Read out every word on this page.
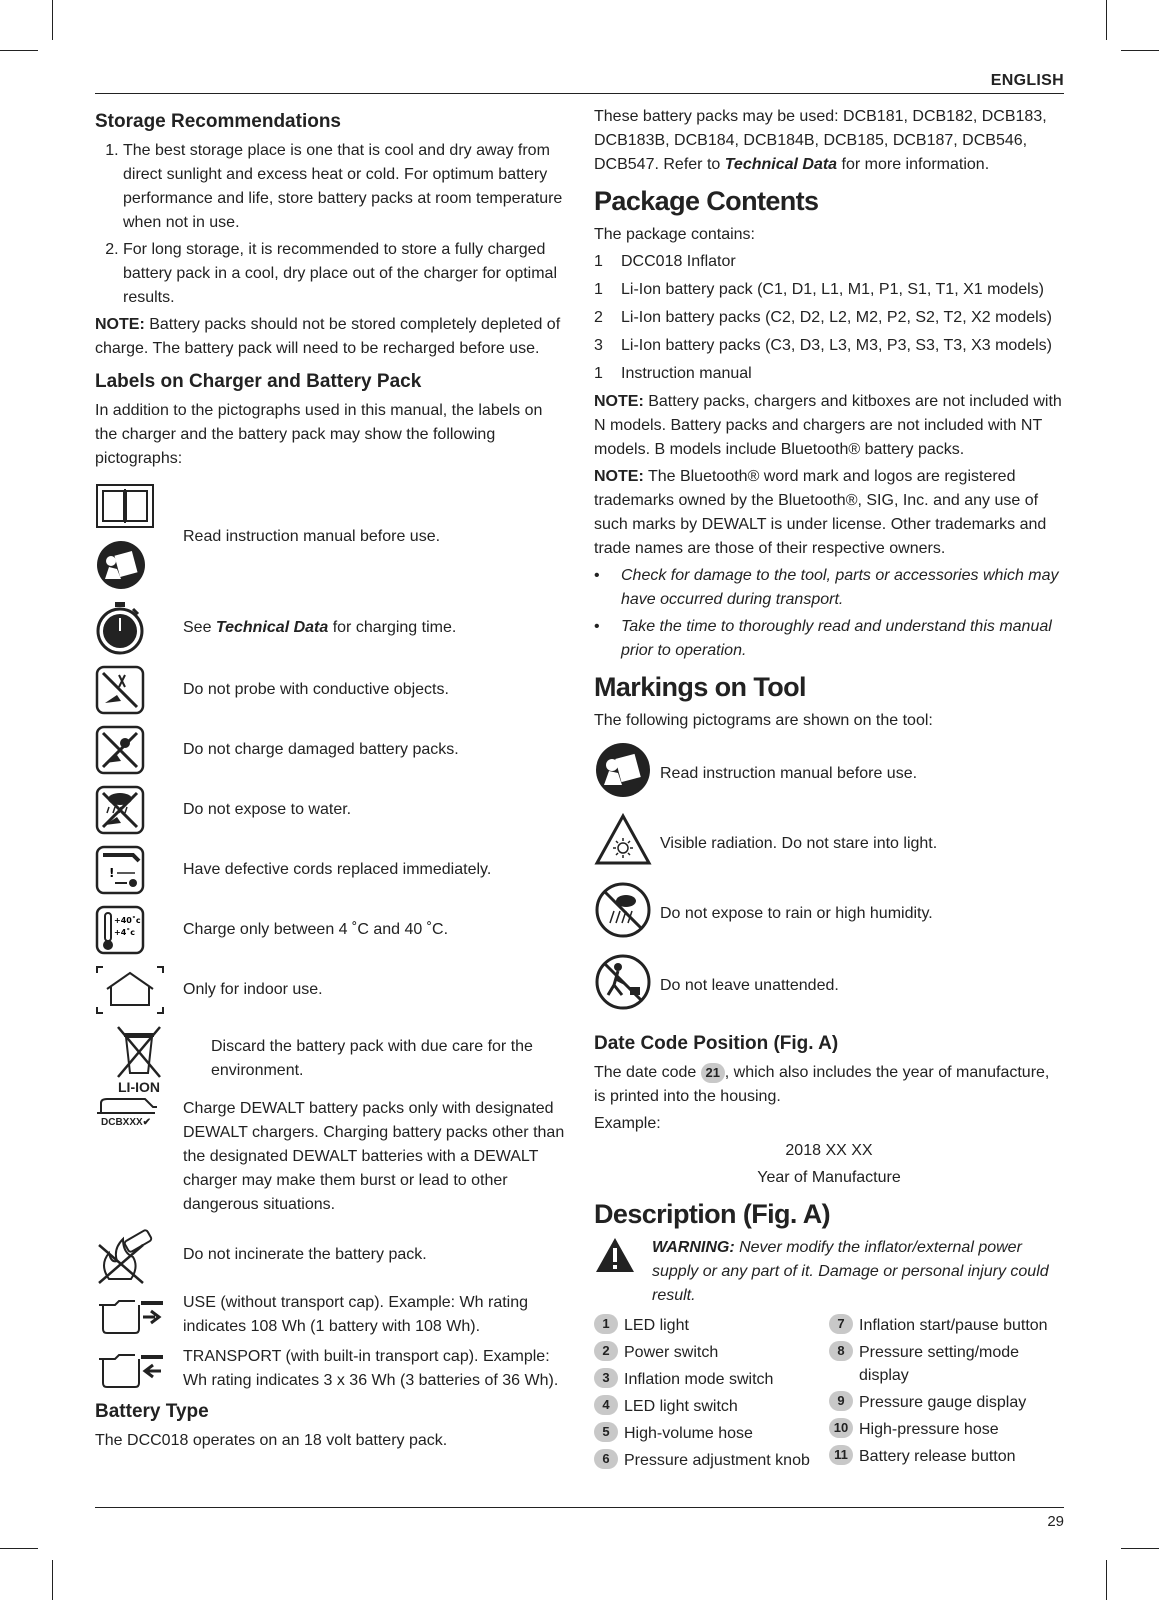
ENGLISH
Storage Recommendations
1. The best storage place is one that is cool and dry away from direct sunlight and excess heat or cold. For optimum battery performance and life, store battery packs at room temperature when not in use.
2. For long storage, it is recommended to store a fully charged battery pack in a cool, dry place out of the charger for optimal results.

NOTE: Battery packs should not be stored completely depleted of charge. The battery pack will need to be recharged before use.

Labels on Charger and Battery Pack

In addition to the pictographs used in this manual, the labels on the charger and the battery pack may show the following pictographs:

Read instruction manual before use.
See Technical Data for charging time.
Do not probe with conductive objects.
Do not charge damaged battery packs.
Do not expose to water.
!	Have defective cords replaced immediately.
+40˚c
+4˚c	Charge only between 4 ˚C and 40 ˚C.
Only for indoor use.
LI-ION
Discard the battery pack with due care for the environment.
DCBXXX✔
Charge DEWALT battery packs only with designated DEWALT chargers. Charging battery packs other than the designated DEWALT batteries with a DEWALT charger may make them burst or lead to other dangerous situations.
Do not incinerate the battery pack.
USE (without transport cap). Example: Wh rating indicates 108 Wh (1 battery with 108 Wh).
TRANSPORT (with built-in transport cap). Example: Wh rating indicates 3 x 36 Wh (3 batteries of 36 Wh).
Battery Type

The DCC018 operates on an 18 volt battery pack.

These battery packs may be used: DCB181, DCB182, DCB183, DCB183B, DCB184, DCB184B, DCB185, DCB187, DCB546, DCB547. Refer to Technical Data for more information.

Package Contents

The package contains:

1	DCC018 Inflator
1	Li-Ion battery pack (C1, D1, L1, M1, P1, S1, T1, X1 models)
2	Li-Ion battery packs (C2, D2, L2, M2, P2, S2, T2, X2 models)
3	Li-Ion battery packs (C3, D3, L3, M3, P3, S3, T3, X3 models)
1	Instruction manual

NOTE: Battery packs, chargers and kitboxes are not included with N models. Battery packs and chargers are not included with NT models. B models include Bluetooth® battery packs.

NOTE: The Bluetooth® word mark and logos are registered trademarks owned by the Bluetooth®, SIG, Inc. and any use of such marks by DEWALT is under license. Other trademarks and trade names are those of their respective owners.

•	Check for damage to the tool, parts or accessories which may have occurred during transport.
•	Take the time to thoroughly read and understand this manual prior to operation.
Markings on Tool

The following pictograms are shown on the tool:

Read instruction manual before use.
Visible radiation. Do not stare into light.
Do not expose to rain or high humidity.
Do not leave unattended.
Date Code Position (Fig. A)

The date code 21 , which also includes the year of manufacture, is printed into the housing.

Example:

2018 XX XX

Year of Manufacture

Description (Fig. A)
WARNING: Never modify the inflator/external power supply or any part of it. Damage or personal injury could result.
1 LED light
2 Power switch
3 Inflation mode switch
4 LED light switch
5 High-volume hose
6 Pressure adjustment knob
7 Inflation start/pause button
8 Pressure setting/mode display
9 Pressure gauge display
10 High-pressure hose
11 Battery release button
29
